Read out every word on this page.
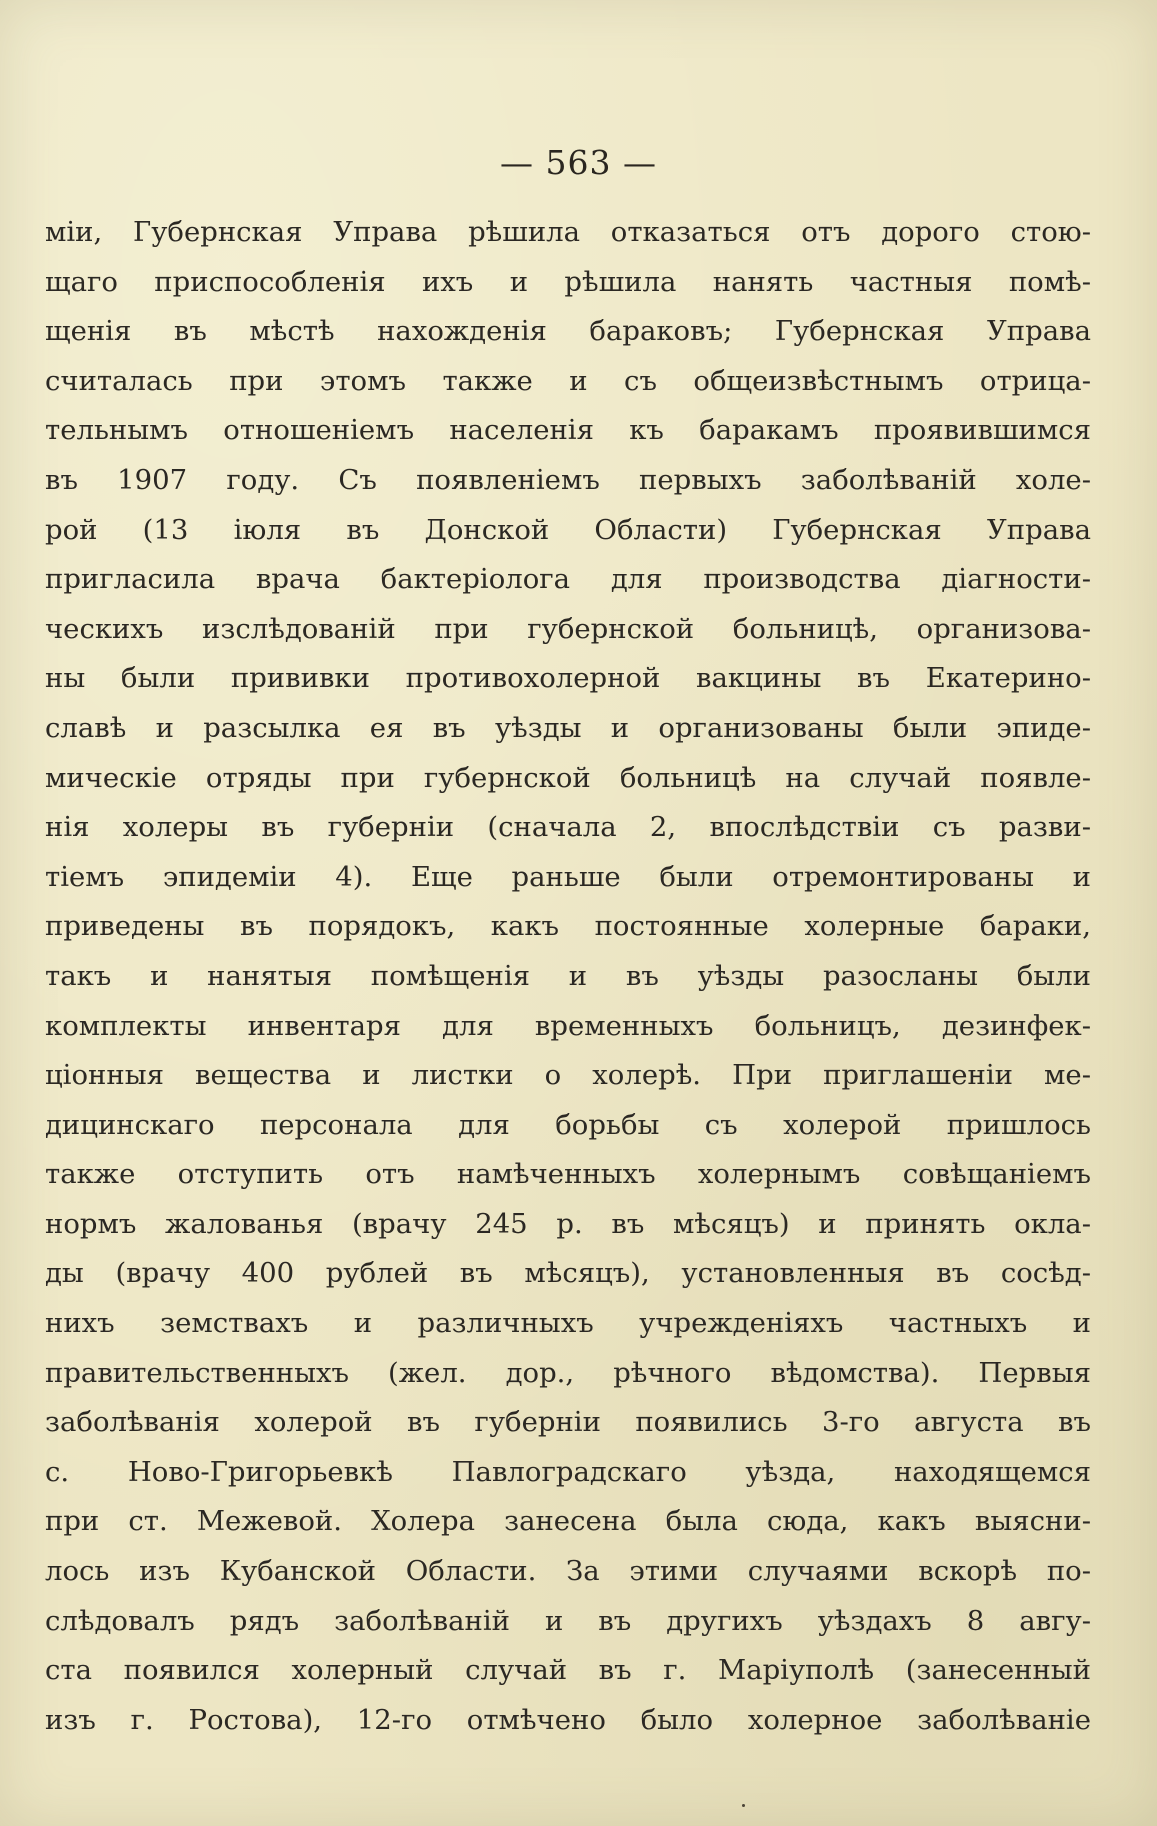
— 563 —
міи, Губернская Управа рѣшила отказаться отъ дорого стою-
щаго приспособленія ихъ и рѣшила нанять частныя помѣ-
щенія въ мѣстѣ нахожденія бараковъ; Губернская Управа
считалась при этомъ также и съ общеизвѣстнымъ отрица-
тельнымъ отношеніемъ населенія къ баракамъ проявившимся
въ 1907 году. Съ появленіемъ первыхъ заболѣваній холе-
рой (13 іюля въ Донской Области) Губернская Управа
пригласила врача бактеріолога для производства діагности-
ческихъ изслѣдованій при губернской больницѣ, организова-
ны были прививки противохолерной вакцины въ Екатерино-
славѣ и разсылка ея въ уѣзды и организованы были эпиде-
мическіе отряды при губернской больницѣ на случай появле-
нія холеры въ губерніи (сначала 2, впослѣдствіи съ разви-
тіемъ эпидеміи 4). Еще раньше были отремонтированы и
приведены въ порядокъ, какъ постоянные холерные бараки,
такъ и нанятыя помѣщенія и въ уѣзды разосланы были
комплекты инвентаря для временныхъ больницъ, дезинфек-
ціонныя вещества и листки о холерѣ. При приглашеніи ме-
дицинскаго персонала для борьбы съ холерой пришлось
также отступить отъ намѣченныхъ холернымъ совѣщаніемъ
нормъ жалованья (врачу 245 р. въ мѣсяцъ) и принять окла-
ды (врачу 400 рублей въ мѣсяцъ), установленныя въ сосѣд-
нихъ земствахъ и различныхъ учрежденіяхъ частныхъ и
правительственныхъ (жел. дор., рѣчного вѣдомства). Первыя
заболѣванія холерой въ губерніи появились 3-го августа въ
с. Ново-Григорьевкѣ Павлоградскаго уѣзда, находящемся
при ст. Межевой. Холера занесена была сюда, какъ выясни-
лось изъ Кубанской Области. За этими случаями вскорѣ по-
слѣдовалъ рядъ заболѣваній и въ другихъ уѣздахъ 8 авгу-
ста появился холерный случай въ г. Маріуполѣ (занесенный
изъ г. Ростова), 12-го отмѣчено было холерное заболѣваніе
